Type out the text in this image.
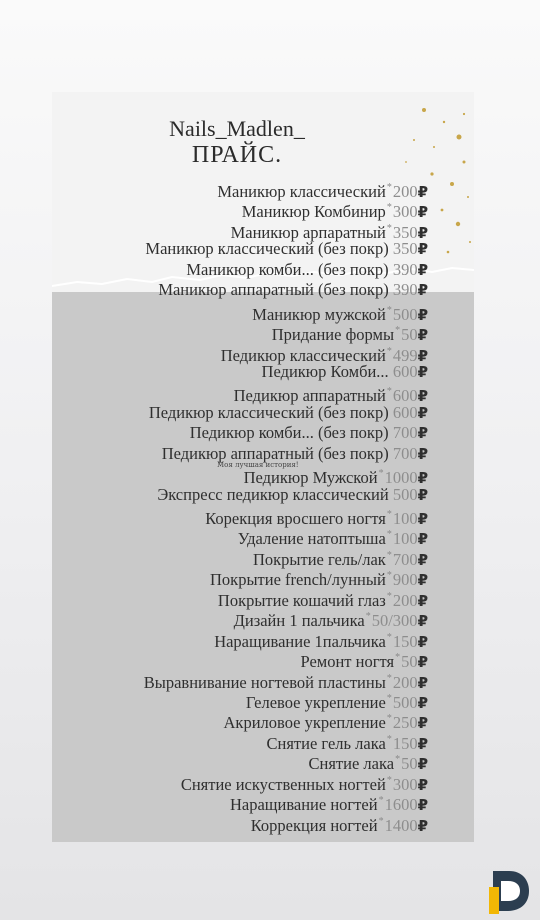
Nails_Madlen_
ПРАЙС.
Маникюр классический*200₽
Маникюр Комбинир*300₽
Маникюр арпаратный*350₽
Маникюр классический (без покр) 350₽
Маникюр комби... (без покр) 390₽
Маникюр аппаратный (без покр) 390₽
Маникюр мужской*500₽
Придание формы*50₽
Педикюр классический*499₽
Педикюр Комби... 600₽
Педикюр аппаратный*600₽
Педикюр классический (без покр) 600₽
Педикюр комби... (без покр) 700₽
Педикюр аппаратный (без покр) 700₽
Педикюр Мужской*1000₽
Экспресс педикюр классический 500₽
Корекция вросшего ногтя*100₽
Удаление натоптыша*100₽
Покрытие гель/лак*700₽
Покрытие french/лунный*900₽
Покрытие кошачий глаз*200₽
Дизайн 1 пальчика*50/300₽
Наращивание 1пальчика*150₽
Ремонт ногтя*50₽
Выравнивание ногтевой пластины*200₽
Гелевое укрепление*500₽
Акриловое укрепление*250₽
Снятие гель лака*150₽
Снятие лака*50₽
Снятие искуственных ногтей*300₽
Наращивание ногтей*1600₽
Коррекция ногтей*1400₽
Моя лучшая история!
